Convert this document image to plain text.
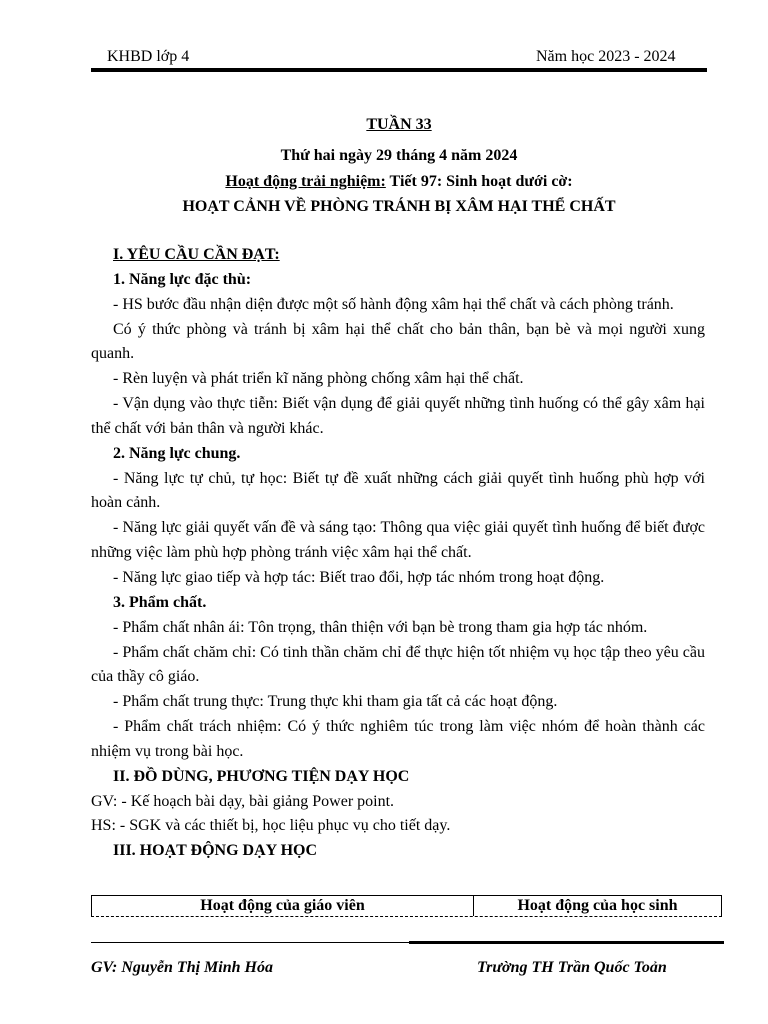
KHBD lớp 4	Năm học 2023 - 2024
TUẦN 33
Thứ hai ngày 29 tháng 4 năm 2024
Hoạt động trải nghiệm: Tiết 97: Sinh hoạt dưới cờ:
HOẠT CẢNH VỀ PHÒNG TRÁNH BỊ XÂM HẠI THỂ CHẤT

I. YÊU CẦU CẦN ĐẠT:

1. Năng lực đặc thù:

- HS bước đầu nhận diện được một số hành động xâm hại thể chất và cách phòng tránh.

Có ý thức phòng và tránh bị xâm hại thể chất cho bản thân, bạn bè và mọi người xung quanh.

- Rèn luyện và phát triển kĩ năng phòng chống xâm hại thể chất.

- Vận dụng vào thực tiễn: Biết vận dụng để giải quyết những tình huống có thể gây xâm hại thể chất với bản thân và người khác.

2. Năng lực chung.

- Năng lực tự chủ, tự học: Biết tự đề xuất những cách giải quyết tình huống phù hợp với hoàn cảnh.

- Năng lực giải quyết vấn đề và sáng tạo: Thông qua việc giải quyết tình huống để biết được những việc làm phù hợp phòng tránh việc xâm hại thể chất.

- Năng lực giao tiếp và hợp tác: Biết trao đổi, hợp tác nhóm trong hoạt động.

3. Phẩm chất.

- Phẩm chất nhân ái: Tôn trọng, thân thiện với bạn bè trong tham gia hợp tác nhóm.

- Phẩm chất chăm chỉ: Có tinh thần chăm chỉ để thực hiện tốt nhiệm vụ học tập theo yêu cầu của thầy cô giáo.

- Phẩm chất trung thực: Trung thực khi tham gia tất cả các hoạt động.

- Phẩm chất trách nhiệm: Có ý thức nghiêm túc trong làm việc nhóm để hoàn thành các nhiệm vụ trong bài học.

II. ĐỒ DÙNG, PHƯƠNG TIỆN DẠY HỌC

GV: - Kế hoạch bài dạy, bài giảng Power point.

HS: - SGK và các thiết bị, học liệu phục vụ cho tiết dạy.

III. HOẠT ĐỘNG DẠY HỌC

Hoạt động của giáo viên	Hoạt động của học sinh
GV: Nguyễn Thị Minh Hóa	Trường TH Trần Quốc Toản
